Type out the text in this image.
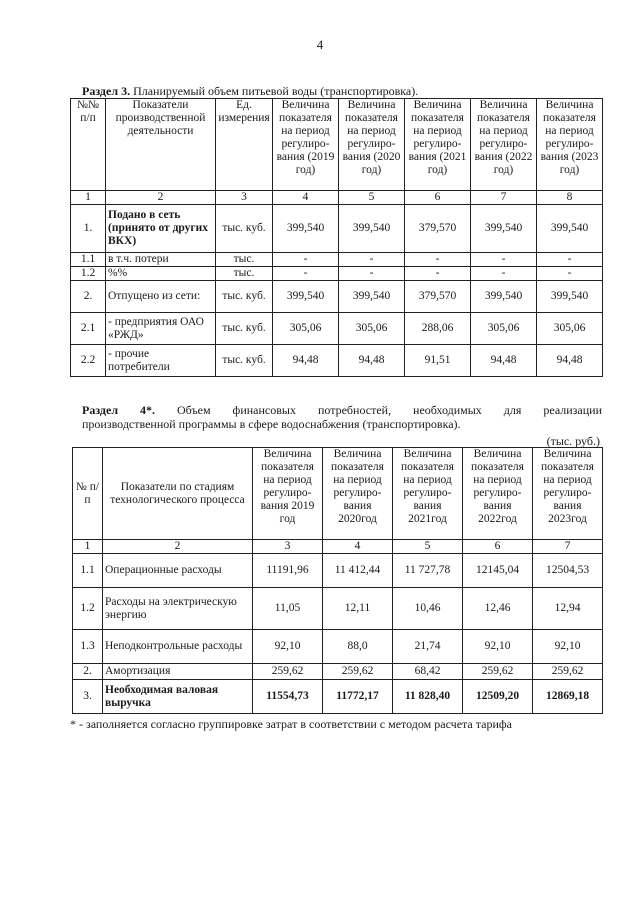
4
Раздел 3. Планируемый объем питьевой воды (транспортировка).
№№ п/п	Показатели производственной деятельности	Ед. измерения	Величина показателя на период регулиро-вания (2019 год)	Величина показателя на период регулиро-вания (2020 год)	Величина показателя на период регулиро-вания (2021 год)	Величина показателя на период регулиро-вания (2022 год)	Величина показателя на период регулиро-вания (2023 год)
1	2	3	4	5	6	7	8
1.	Подано в сеть (принято от других ВКХ)	тыс. куб.	399,540	399,540	379,570	399,540	399,540
1.1	в т.ч. потери	тыс.	-	-	-	-	-
1.2	%%	тыс.	-	-	-	-	-
2.	Отпущено из сети:	тыс. куб.	399,540	399,540	379,570	399,540	399,540
2.1	- предприятия ОАО «РЖД»	тыс. куб.	305,06	305,06	288,06	305,06	305,06
2.2	- прочие потребители	тыс. куб.	94,48	94,48	91,51	94,48	94,48
Раздел 4*. Объем финансовых потребностей, необходимых для реализации
производственной программы в сфере водоснабжения (транспортировка).
(тыс. руб.)
№ п/п	Показатели по стадиям технологического процесса	Величина показателя на период регулиро-вания 2019 год	Величина показателя на период регулиро-вания 2020год	Величина показателя на период регулиро-вания 2021год	Величина показателя на период регулиро-вания 2022год	Величина показателя на период регулиро-вания 2023год
1	2	3	4	5	6	7
1.1	Операционные расходы	11191,96	11 412,44	11 727,78	12145,04	12504,53
1.2	Расходы на электрическую энергию	11,05	12,11	10,46	12,46	12,94
1.3	Неподконтрольные расходы	92,10	88,0	21,74	92,10	92,10
2.	Амортизация	259,62	259,62	68,42	259,62	259,62
3.	Необходимая валовая выручка	11554,73	11772,17	11 828,40	12509,20	12869,18
* - заполняется согласно группировке затрат в соответствии с методом расчета тарифа
